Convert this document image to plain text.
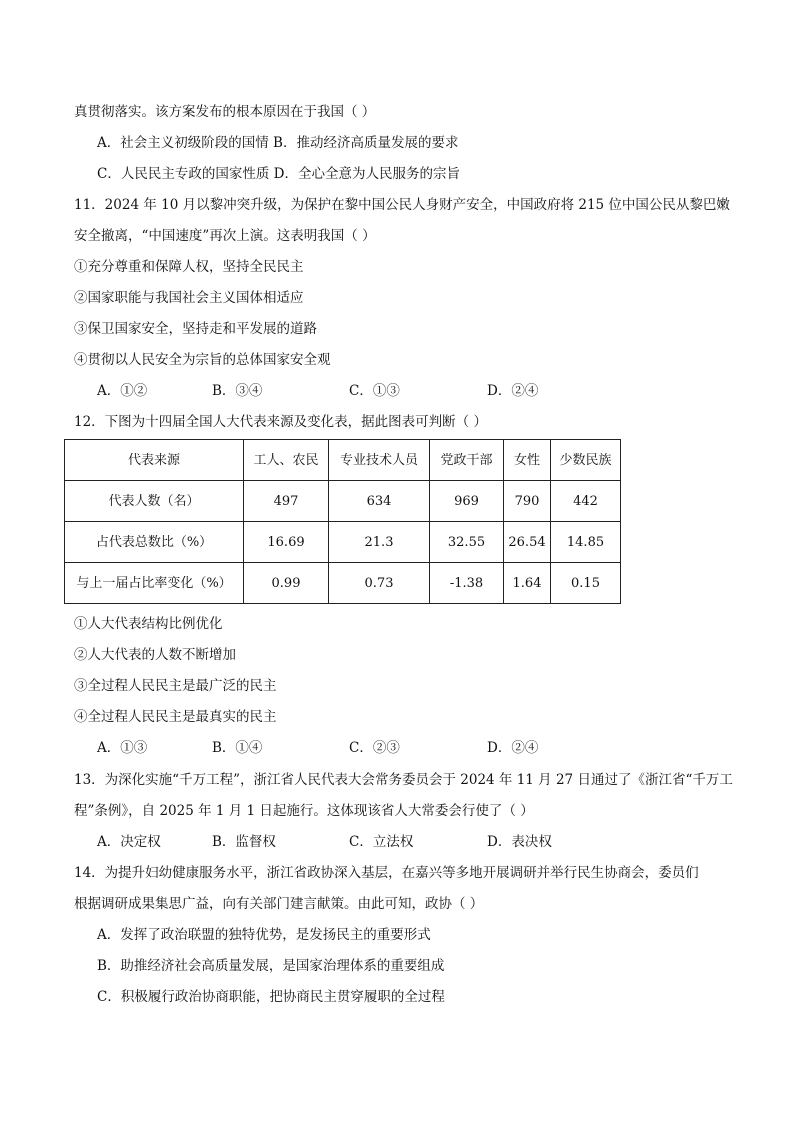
真贯彻落实。该方案发布的根本原因在于我国（ ）
A．社会主义初级阶段的国情 B．推动经济高质量发展的要求
C．人民民主专政的国家性质 D．全心全意为人民服务的宗旨
11．2024 年 10 月以黎冲突升级，为保护在黎中国公民人身财产安全，中国政府将 215 位中国公民从黎巴嫩
安全撤离，“中国速度”再次上演。这表明我国（ ）
①充分尊重和保障人权，坚持全民民主
②国家职能与我国社会主义国体相适应
③保卫国家安全，坚持走和平发展的道路
④贯彻以人民安全为宗旨的总体国家安全观
A．①②	B．③④	C．①③	D．②④
12．下图为十四届全国人大代表来源及变化表，据此图表可判断（ ）
代表来源	工人、农民	专业技术人员	党政干部	女性	少数民族
代表人数（名）	497	634	969	790	442
占代表总数比（%）	16.69	21.3	32.55	26.54	14.85
与上一届占比率变化（%）	0.99	0.73	-1.38	1.64	0.15
①人大代表结构比例优化
②人大代表的人数不断增加
③全过程人民民主是最广泛的民主
④全过程人民民主是最真实的民主
A．①③	B．①④	C．②③	D．②④
13．为深化实施“千万工程”，浙江省人民代表大会常务委员会于 2024 年 11 月 27 日通过了《浙江省“千万工
程”条例》，自 2025 年 1 月 1 日起施行。这体现该省人大常委会行使了（ ）
A．决定权	B．监督权	C．立法权	D．表决权
14．为提升妇幼健康服务水平，浙江省政协深入基层，在嘉兴等多地开展调研并举行民生协商会，委员们
根据调研成果集思广益，向有关部门建言献策。由此可知，政协（ ）
A．发挥了政治联盟的独特优势，是发扬民主的重要形式
B．助推经济社会高质量发展，是国家治理体系的重要组成
C．积极履行政治协商职能，把协商民主贯穿履职的全过程
